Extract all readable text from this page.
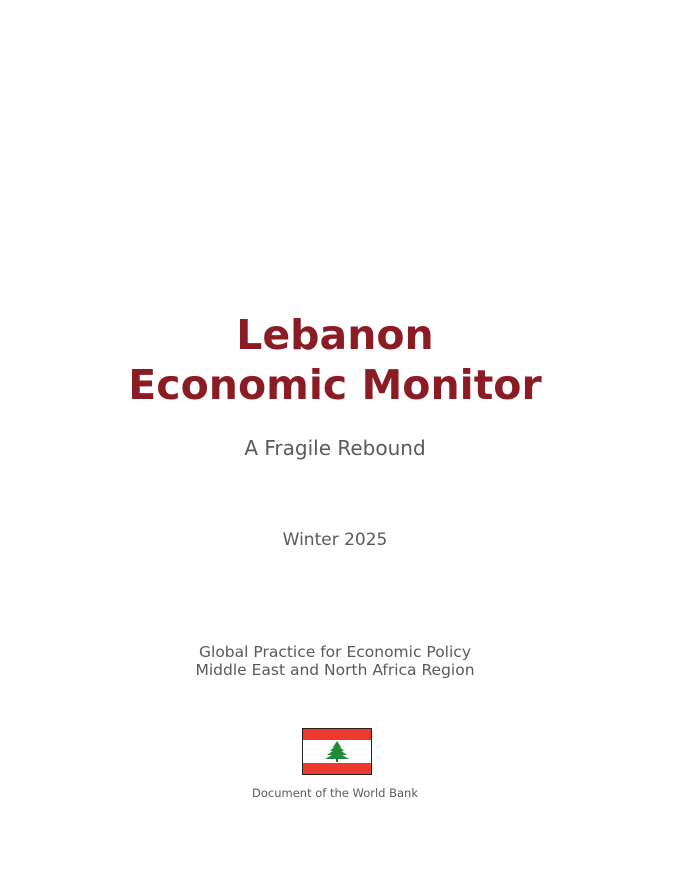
Lebanon
Economic Monitor
A Fragile Rebound
Winter 2025
Global Practice for Economic Policy
Middle East and North Africa Region
Document of the World Bank
